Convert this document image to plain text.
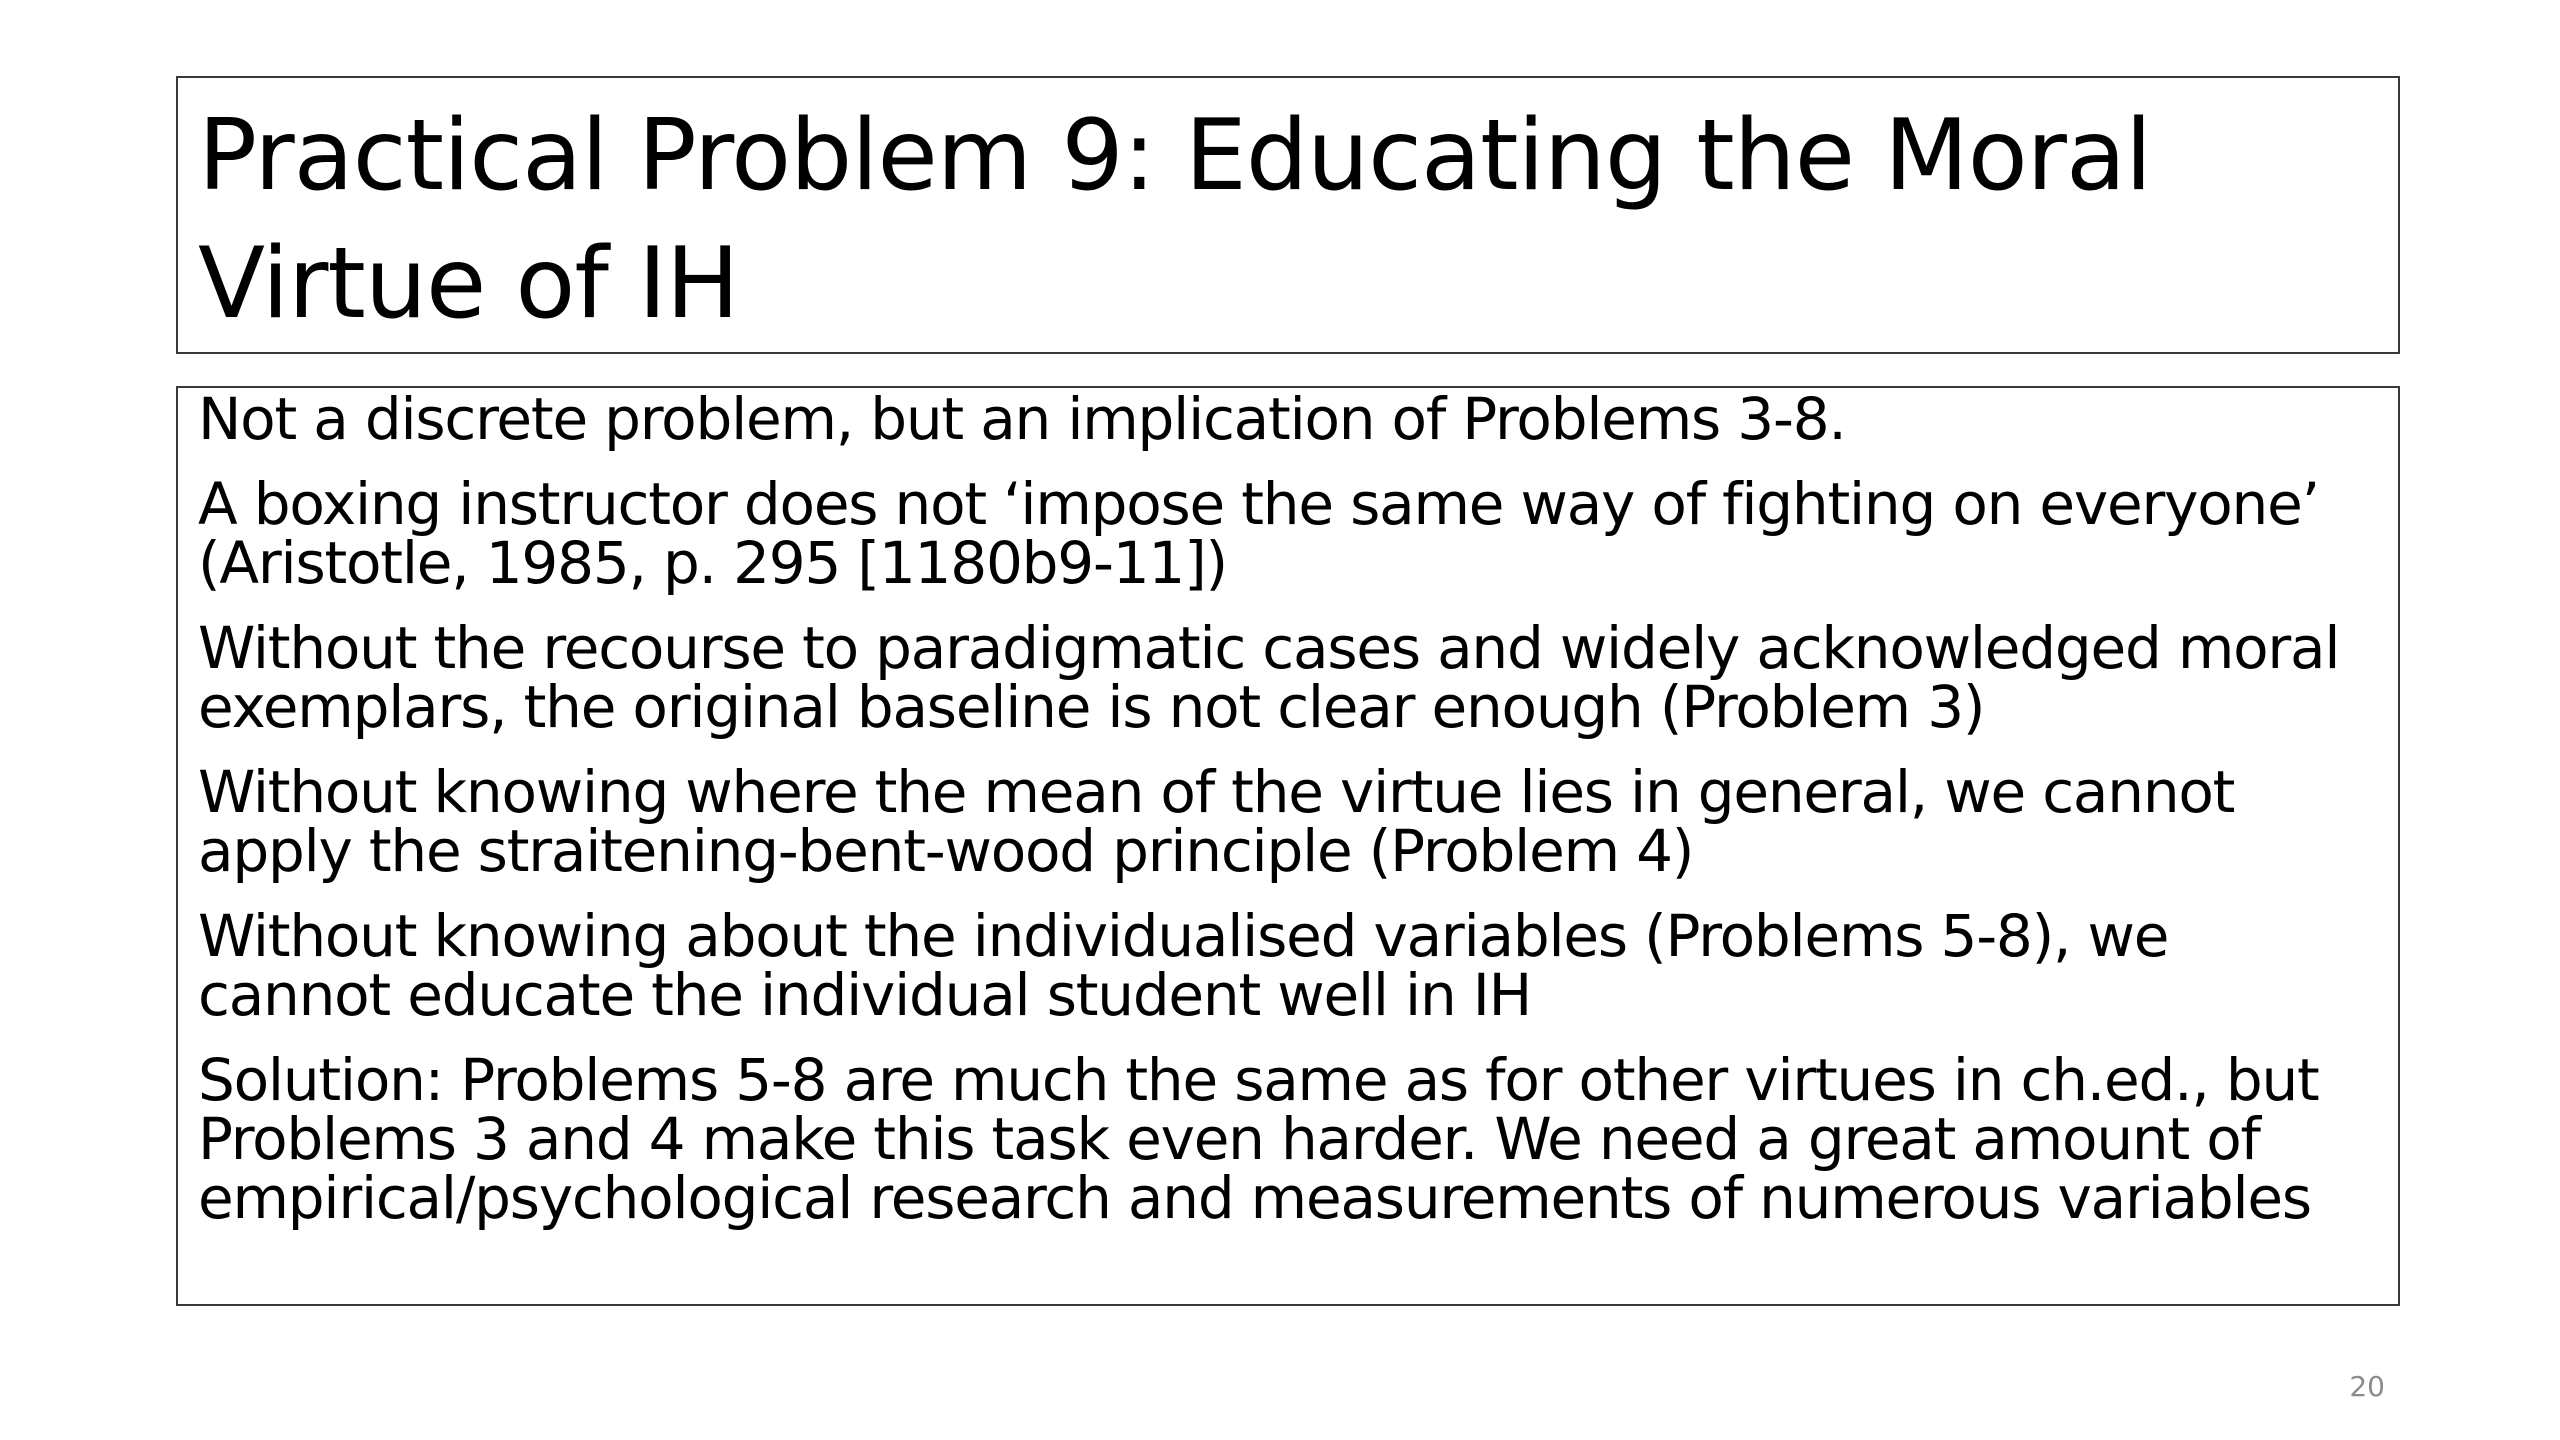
Practical Problem 9: Educating the Moral
Virtue of IH
Not a discrete problem, but an implication of Problems 3-8.
A boxing instructor does not ‘impose the same way of fighting on everyone’
(Aristotle, 1985, p. 295 [1180b9-11])
Without the recourse to paradigmatic cases and widely acknowledged moral
exemplars, the original baseline is not clear enough (Problem 3)
Without knowing where the mean of the virtue lies in general, we cannot
apply the straitening-bent-wood principle (Problem 4)
Without knowing about the individualised variables (Problems 5-8), we
cannot educate the individual student well in IH
Solution: Problems 5-8 are much the same as for other virtues in ch.ed., but
Problems 3 and 4 make this task even harder. We need a great amount of
empirical/psychological research and measurements of numerous variables
20
